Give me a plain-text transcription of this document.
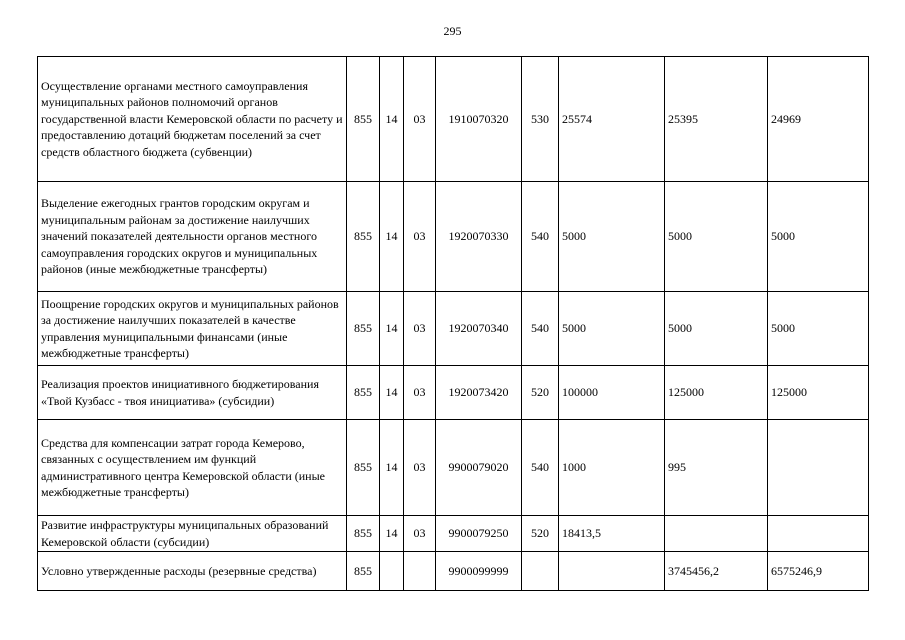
295
Осуществление органами местного самоуправления муниципальных районов полномочий органов государственной власти Кемеровской области по расчету и предоставлению дотаций бюджетам поселений за счет средств областного бюджета (субвенции)	855	14	03	1910070320	530	25574	25395	24969
Выделение ежегодных грантов городским округам и муниципальным районам за достижение наилучших значений показателей деятельности органов местного самоуправления городских округов и муниципальных районов (иные межбюджетные трансферты)	855	14	03	1920070330	540	5000	5000	5000
Поощрение городских округов и муниципальных районов за достижение наилучших показателей в качестве управления муниципальными финансами (иные межбюджетные трансферты)	855	14	03	1920070340	540	5000	5000	5000
Реализация проектов инициативного бюджетирования «Твой Кузбасс - твоя инициатива» (субсидии)	855	14	03	1920073420	520	100000	125000	125000
Средства для компенсации затрат города Кемерово, связанных с осуществлением им функций административного центра Кемеровской области (иные межбюджетные трансферты)	855	14	03	9900079020	540	1000	995	
Развитие инфраструктуры муниципальных образований Кемеровской области (субсидии)	855	14	03	9900079250	520	18413,5		
Условно утвержденные расходы (резервные средства)	855			9900099999			3745456,2	6575246,9
